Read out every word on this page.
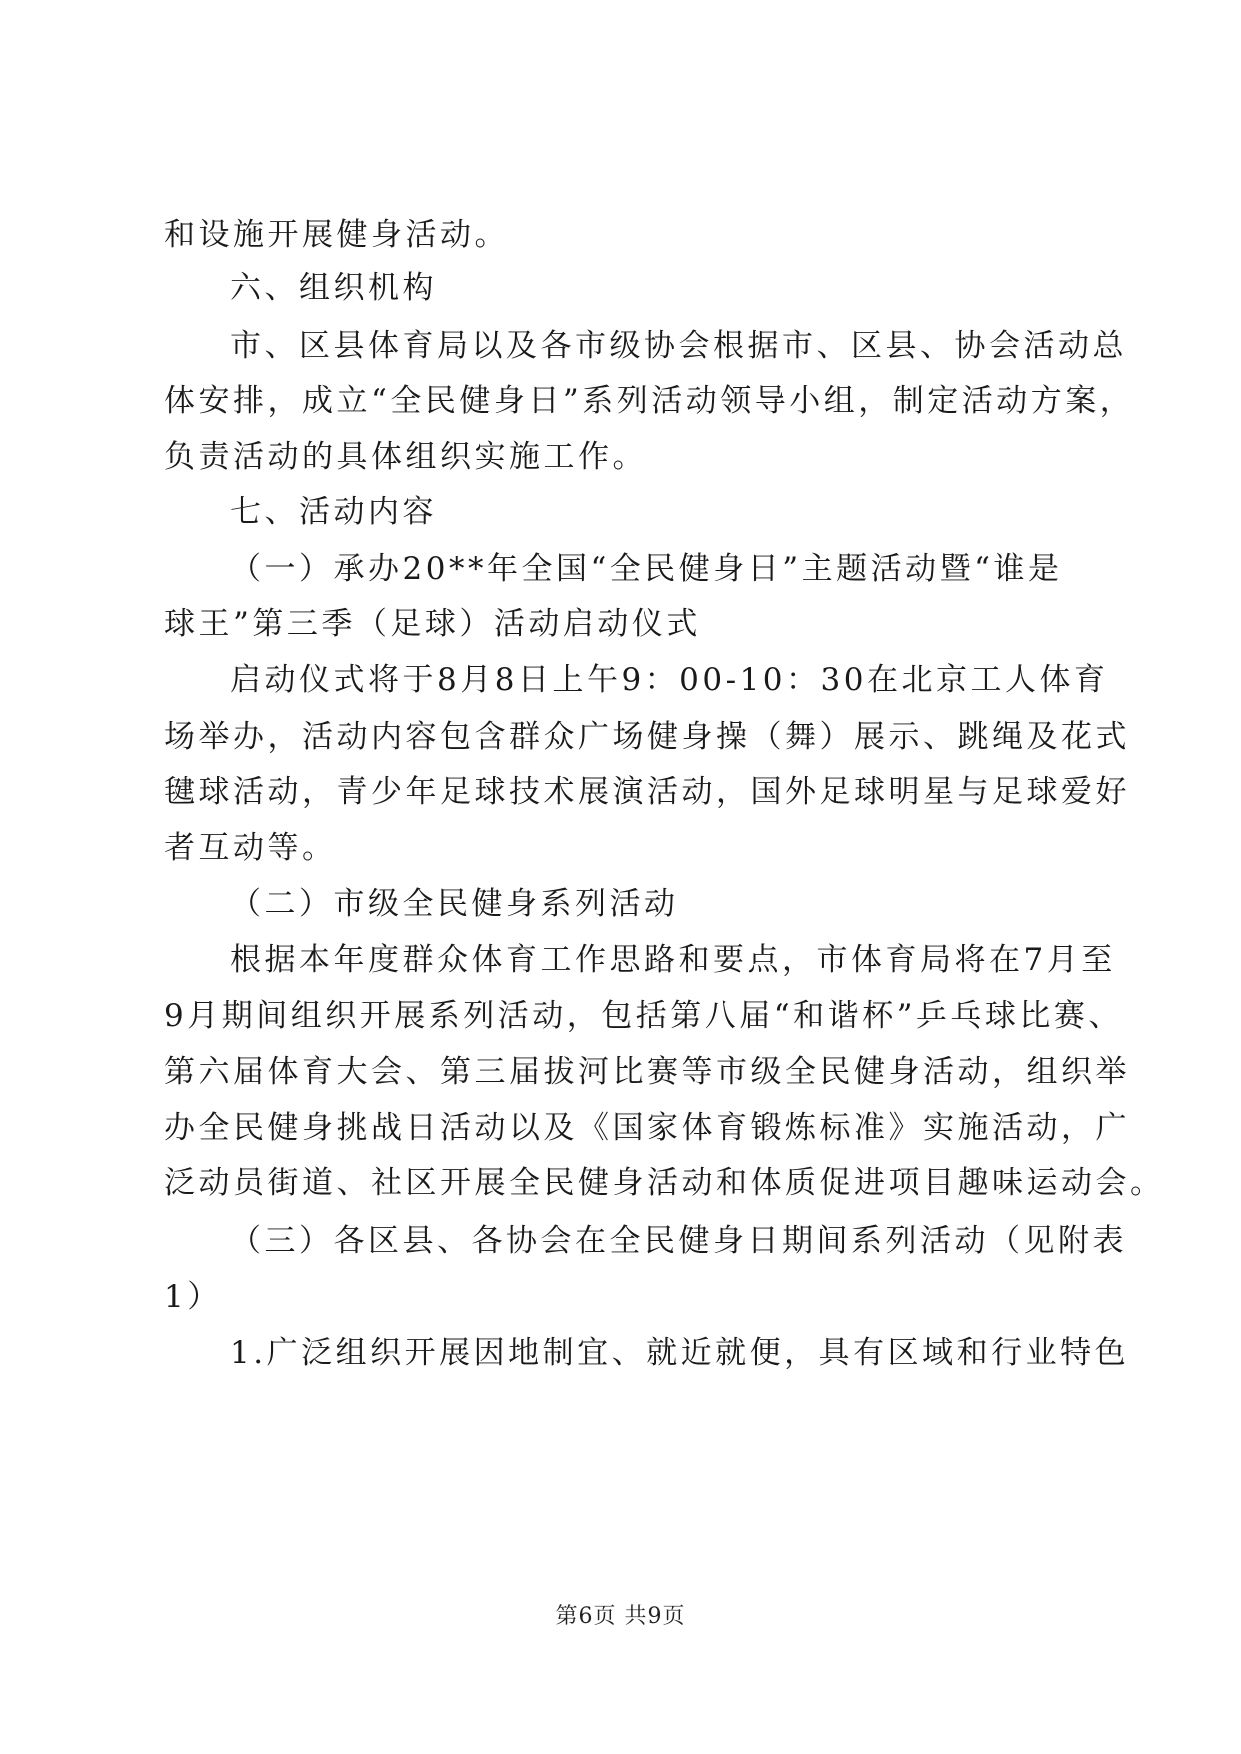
和设施开展健身活动。
六、组织机构
市、区县体育局以及各市级协会根据市、区县、协会活动总
体安排，成立“全民健身日”系列活动领导小组，制定活动方案，
负责活动的具体组织实施工作。
七、活动内容
（一）承办20**年全国“全民健身日”主题活动暨“谁是
球王”第三季（足球）活动启动仪式
启动仪式将于8月8日上午9：00-10：30在北京工人体育
场举办，活动内容包含群众广场健身操（舞）展示、跳绳及花式
毽球活动，青少年足球技术展演活动，国外足球明星与足球爱好
者互动等。
（二）市级全民健身系列活动
根据本年度群众体育工作思路和要点，市体育局将在7月至
9月期间组织开展系列活动，包括第八届“和谐杯”乒乓球比赛、
第六届体育大会、第三届拔河比赛等市级全民健身活动，组织举
办全民健身挑战日活动以及《国家体育锻炼标准》实施活动，广
泛动员街道、社区开展全民健身活动和体质促进项目趣味运动会。
（三）各区县、各协会在全民健身日期间系列活动（见附表
1）
1.广泛组织开展因地制宜、就近就便，具有区域和行业特色
第6页 共9页
